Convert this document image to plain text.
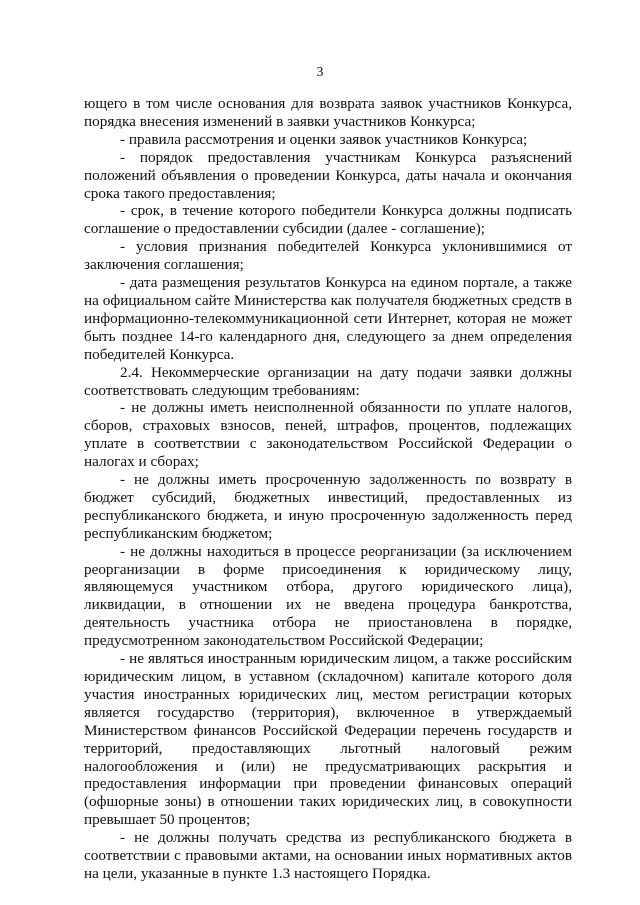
3

ющего в том числе основания для возврата заявок участников Конкурса, порядка внесения изменений в заявки участников Конкурса;

- правила рассмотрения и оценки заявок участников Конкурса;

- порядок предоставления участникам Конкурса разъяснений положений объявления о проведении Конкурса, даты начала и окончания срока такого предоставления;

- срок, в течение которого победители Конкурса должны подписать соглашение о предоставлении субсидии (далее - соглашение);

- условия признания победителей Конкурса уклонившимися от заключения соглашения;

- дата размещения результатов Конкурса на едином портале, а также на официальном сайте Министерства как получателя бюджетных средств в информационно-телекоммуникационной сети Интернет, которая не может быть позднее 14-го календарного дня, следующего за днем определения победителей Конкурса.

2.4. Некоммерческие организации на дату подачи заявки должны соответствовать следующим требованиям:

- не должны иметь неисполненной обязанности по уплате налогов, сборов, страховых взносов, пеней, штрафов, процентов, подлежащих уплате в соответствии с законодательством Российской Федерации о налогах и сборах;

- не должны иметь просроченную задолженность по возврату в бюджет субсидий, бюджетных инвестиций, предоставленных из республиканского бюджета, и иную просроченную задолженность перед республиканским бюджетом;

- не должны находиться в процессе реорганизации (за исключением реорганизации в форме присоединения к юридическому лицу, являющемуся участником отбора, другого юридического лица), ликвидации, в отношении их не введена процедура банкротства, деятельность участника отбора не приостановлена в порядке, предусмотренном законодательством Российской Федерации;

- не являться иностранным юридическим лицом, а также российским юридическим лицом, в уставном (складочном) капитале которого доля участия иностранных юридических лиц, местом регистрации которых является государство (территория), включенное в утверждаемый Министерством финансов Российской Федерации перечень государств и территорий, предоставляющих льготный налоговый режим налогообложения и (или) не предусматривающих раскрытия и предоставления информации при проведении финансовых операций (офшорные зоны) в отношении таких юридических лиц, в совокупности превышает 50 процентов;

- не должны получать средства из республиканского бюджета в соответствии с правовыми актами, на основании иных нормативных актов на цели, указанные в пункте 1.3 настоящего Порядка.
